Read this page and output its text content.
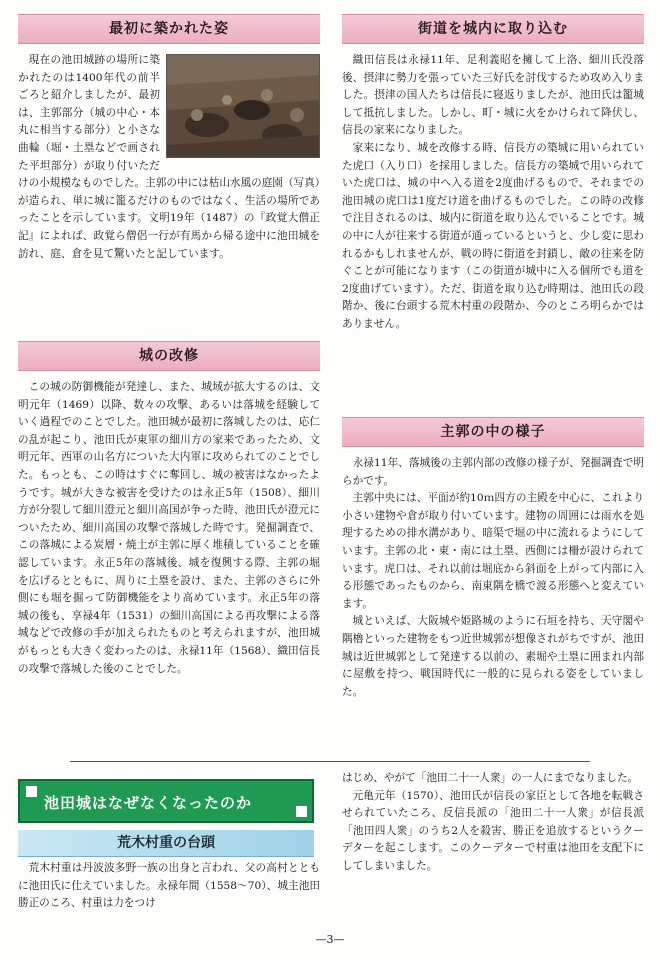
最初に築かれた姿

現在の池田城跡の場所に築かれたのは1400年代の前半ごろと紹介しましたが、最初は、主郭部分（城の中心・本丸に相当する部分）と小さな曲輪（堀・土塁などで画された平坦部分）が取り付いただけの小規模なものでした。主郭の中には枯山水風の庭園（写真）が造られ、単に城に籠るだけのものではなく、生活の場所であったことを示しています。文明19年（1487）の『政覚大僧正記』によれば、政覚ら僧侶一行が有馬から帰る途中に池田城を訪れ、庭、倉を見て驚いたと記しています。

城の改修

この城の防御機能が発達し、また、城域が拡大するのは、文明元年（1469）以降、数々の攻撃、あるいは落城を経験していく過程でのことでした。池田城が最初に落城したのは、応仁の乱が起こり、池田氏が東軍の細川方の家来であったため、文明元年、西軍の山名方についた大内軍に攻められてのことでした。もっとも、この時はすぐに奪回し、城の被害はなかったようです。城が大きな被害を受けたのは永正5年（1508）、細川方が分裂して細川澄元と細川高国が争った時、池田氏が澄元についたため、細川高国の攻撃で落城した時です。発掘調査で、この落城による炭層・焼土が主郭に厚く堆積していることを確認しています。永正5年の落城後、城を復興する際、主郭の堀を広げるとともに、周りに土塁を設け、また、主郭のさらに外側にも堀を掘って防御機能をより高めています。永正5年の落城の後も、享禄4年（1531）の細川高国による再攻撃による落城などで改修の手が加えられたものと考えられますが、池田城がもっとも大きく変わったのは、永禄11年（1568）、織田信長の攻撃で落城した後のことでした。

街道を城内に取り込む

織田信長は永禄11年、足利義昭を擁して上洛、細川氏没落後、摂津に勢力を張っていた三好氏を討伐するため攻め入りました。摂津の国人たちは信長に寝返りましたが、池田氏は籠城して抵抗しました。しかし、町・城に火をかけられて降伏し、信長の家来になりました。

家来になり、城を改修する時、信長方の築城に用いられていた虎口（入り口）を採用しました。信長方の築城で用いられていた虎口は、城の中へ入る道を2度曲げるもので、それまでの池田城の虎口は1度だけ道を曲げるものでした。この時の改修で注目されるのは、城内に街道を取り込んでいることです。城の中に人が往来する街道が通っているというと、少し変に思われるかもしれませんが、戦の時に街道を封鎖し、敵の往来を防ぐことが可能になります（この街道が城中に入る個所でも道を2度曲げています）。ただ、街道を取り込む時期は、池田氏の段階か、後に台頭する荒木村重の段階か、今のところ明らかではありません。

主郭の中の様子

永禄11年、落城後の主郭内部の改修の様子が、発掘調査で明らかです。

主郭中央には、平面が約10ｍ四方の主殿を中心に、これより小さい建物や倉が取り付いています。建物の周囲には雨水を処理するための排水溝があり、暗渠で堀の中に流れるようにしています。主郭の北・東・南には土塁、西側には柵が設けられています。虎口は、それ以前は堀底から斜面を上がって内部に入る形態であったものから、南東隅を橋で渡る形態へと変えています。

城といえば、大阪城や姫路城のように石垣を持ち、天守閣や隅櫓といった建物をもつ近世城郭が想像されがちですが、池田城は近世城郭として発達する以前の、素堀や土塁に囲まれ内部に屋敷を持つ、戦国時代に一般的に見られる姿をしていました。

池田城はなぜなくなったのか
荒木村重の台頭

荒木村重は丹波波多野一族の出身と言われ、父の高村とともに池田氏に仕えていました。永禄年間（1558〜70）、城主池田勝正のころ、村重は力をつけ

はじめ、やがて「池田二十一人衆」の一人にまでなりました。

元亀元年（1570）、池田氏が信長の家臣として各地を転戦させられていたころ、反信長派の「池田二十一人衆」が信長派「池田四人衆」のうち2人を殺害、勝正を追放するというクーデターを起こします。このクーデターで村重は池田を支配下にしてしまいました。

—3—
